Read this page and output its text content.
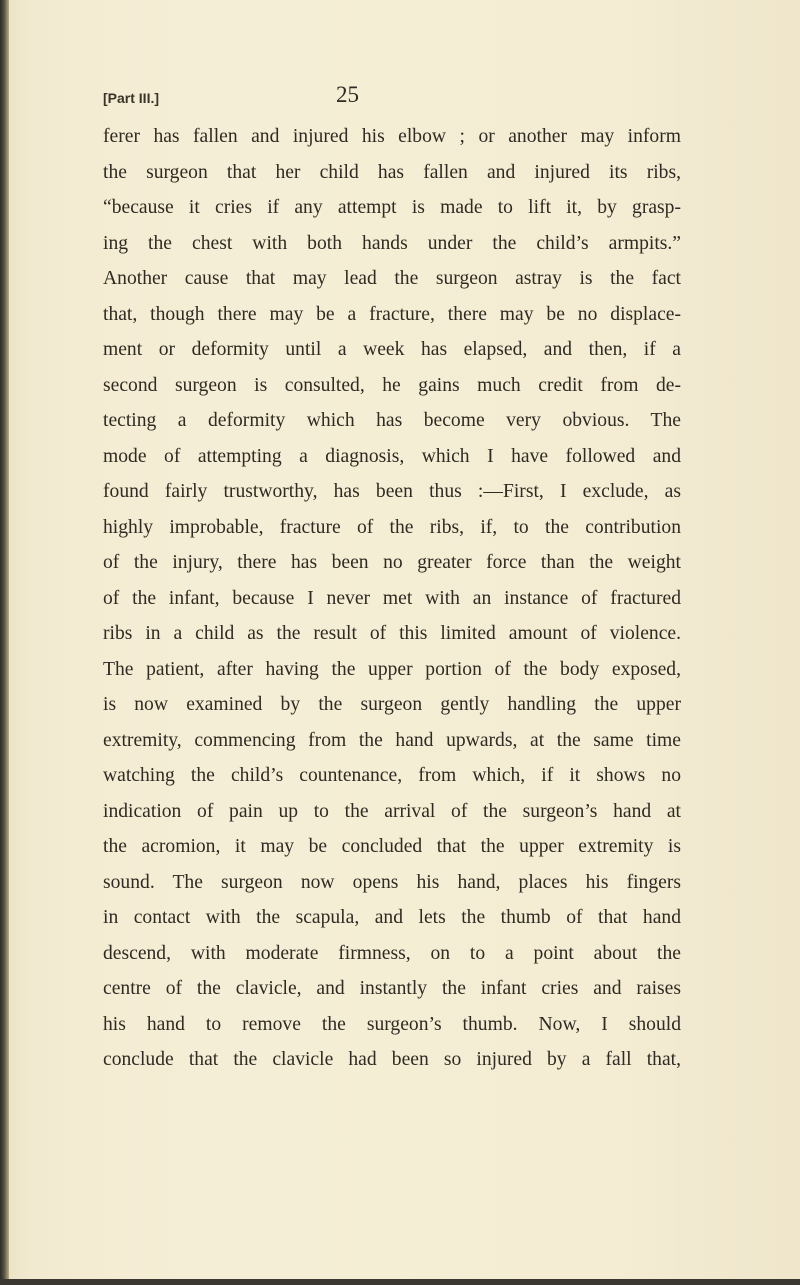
[Part III.]	25
ferer has fallen and injured his elbow ; or another may inform
the surgeon that her child has fallen and injured its ribs,
“because it cries if any attempt is made to lift it, by grasp-
ing the chest with both hands under the child’s armpits.”
Another cause that may lead the surgeon astray is the fact
that, though there may be a fracture, there may be no displace-
ment or deformity until a week has elapsed, and then, if a
second surgeon is consulted, he gains much credit from de-
tecting a deformity which has become very obvious. The
mode of attempting a diagnosis, which I have followed and
found fairly trustworthy, has been thus :—First, I exclude, as
highly improbable, fracture of the ribs, if, to the contribution
of the injury, there has been no greater force than the weight
of the infant, because I never met with an instance of fractured
ribs in a child as the result of this limited amount of violence.
The patient, after having the upper portion of the body exposed,
is now examined by the surgeon gently handling the upper
extremity, commencing from the hand upwards, at the same time
watching the child’s countenance, from which, if it shows no
indication of pain up to the arrival of the surgeon’s hand at
the acromion, it may be concluded that the upper extremity is
sound. The surgeon now opens his hand, places his fingers
in contact with the scapula, and lets the thumb of that hand
descend, with moderate firmness, on to a point about the
centre of the clavicle, and instantly the infant cries and raises
his hand to remove the surgeon’s thumb. Now, I should
conclude that the clavicle had been so injured by a fall that,
